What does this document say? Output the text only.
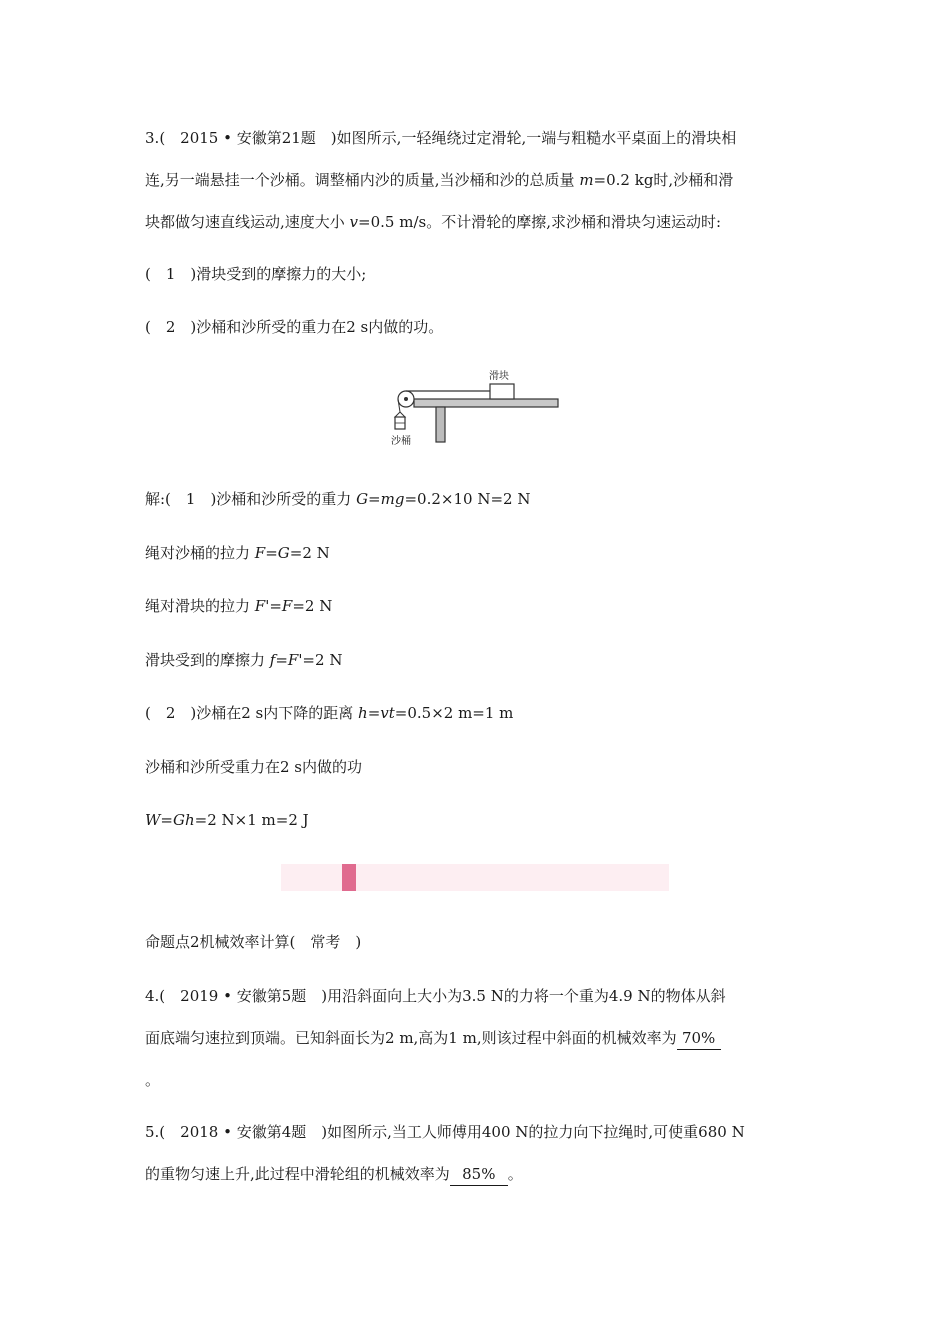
3.(　2015 • 安徽第21题　)如图所示,一轻绳绕过定滑轮,一端与粗糙水平桌面上的滑块相
连,另一端悬挂一个沙桶。调整桶内沙的质量,当沙桶和沙的总质量 m=0.2 kg时,沙桶和滑
块都做匀速直线运动,速度大小 v=0.5 m/s。不计滑轮的摩擦,求沙桶和滑块匀速运动时:
(　1　)滑块受到的摩擦力的大小;
(　2　)沙桶和沙所受的重力在2 s内做的功。
滑块
沙桶
解:(　1　)沙桶和沙所受的重力 G=mg=0.2×10 N=2 N
绳对沙桶的拉力 F=G=2 N
绳对滑块的拉力 F'=F=2 N
滑块受到的摩擦力 f=F'=2 N
(　2　)沙桶在2 s内下降的距离 h=vt=0.5×2 m=1 m
沙桶和沙所受重力在2 s内做的功
W=Gh=2 N×1 m=2 J
命题点2机械效率计算(　常考　)
4.(　2019 • 安徽第5题　)用沿斜面向上大小为3.5 N的力将一个重为4.9 N的物体从斜
面底端匀速拉到顶端。已知斜面长为2 m,高为1 m,则该过程中斜面的机械效率为 70%
。
5.(　2018 • 安徽第4题　)如图所示,当工人师傅用400 N的拉力向下拉绳时,可使重680 N
的重物匀速上升,此过程中滑轮组的机械效率为 85% 。
